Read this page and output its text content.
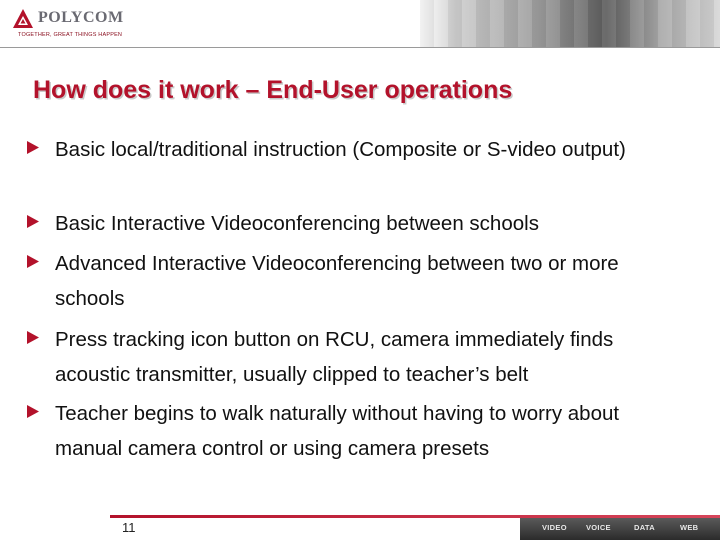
POLYCOM
TOGETHER, GREAT THINGS HAPPEN
How does it work – End-User operations
Basic local/traditional instruction (Composite or S-video output)
Basic Interactive Videoconferencing between schools
Advanced Interactive Videoconferencing between two or more schools
Press tracking icon button on RCU, camera immediately finds acoustic transmitter, usually clipped to teacher’s belt
Teacher begins to walk naturally without having to worry about manual camera control or using camera presets
11	VIDEO	VOICE	DATA	WEB
